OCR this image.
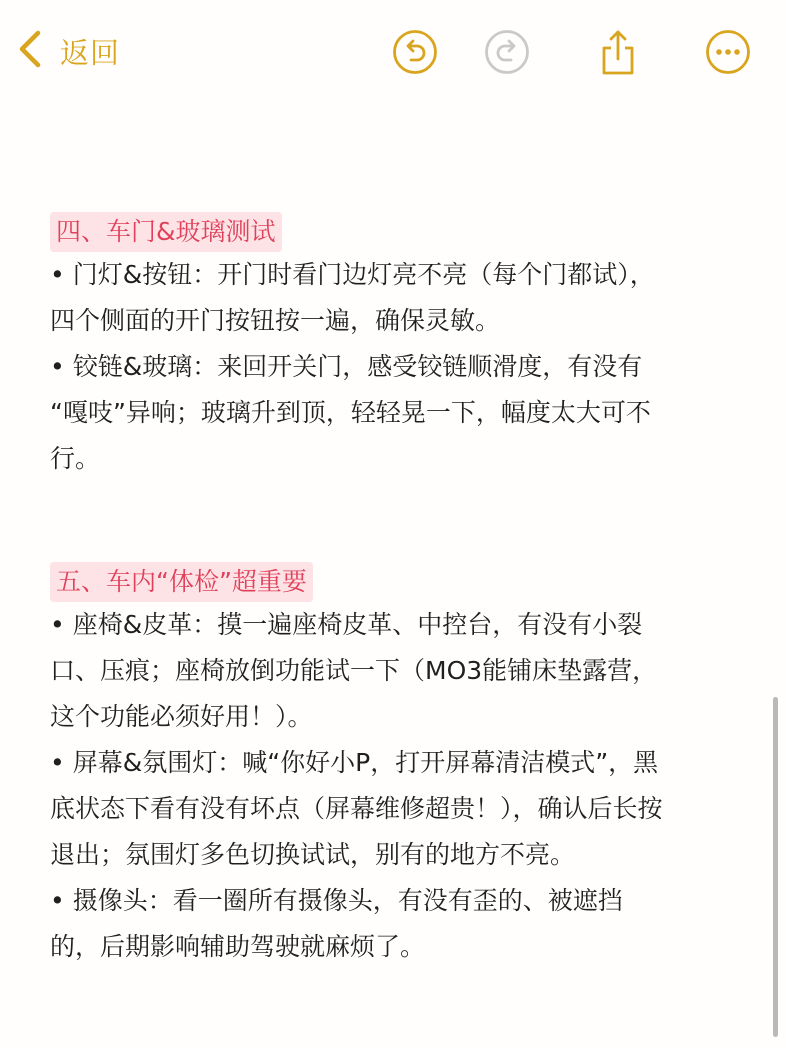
返回
四、车门&玻璃测试

• 门灯&按钮：开门时看门边灯亮不亮（每个门都试），
四个侧面的开门按钮按一遍，确保灵敏。

• 铰链&玻璃：来回开关门，感受铰链顺滑度，有没有
“嘎吱”异响；玻璃升到顶，轻轻晃一下，幅度太大可不
行。

五、车内“体检”超重要

• 座椅&皮革：摸一遍座椅皮革、中控台，有没有小裂
口、压痕；座椅放倒功能试一下（MO3能铺床垫露营，
这个功能必须好用！）。

• 屏幕&氛围灯：喊“你好小P，打开屏幕清洁模式”，黑
底状态下看有没有坏点（屏幕维修超贵！），确认后长按
退出；氛围灯多色切换试试，别有的地方不亮。

• 摄像头：看一圈所有摄像头，有没有歪的、被遮挡
的，后期影响辅助驾驶就麻烦了。
